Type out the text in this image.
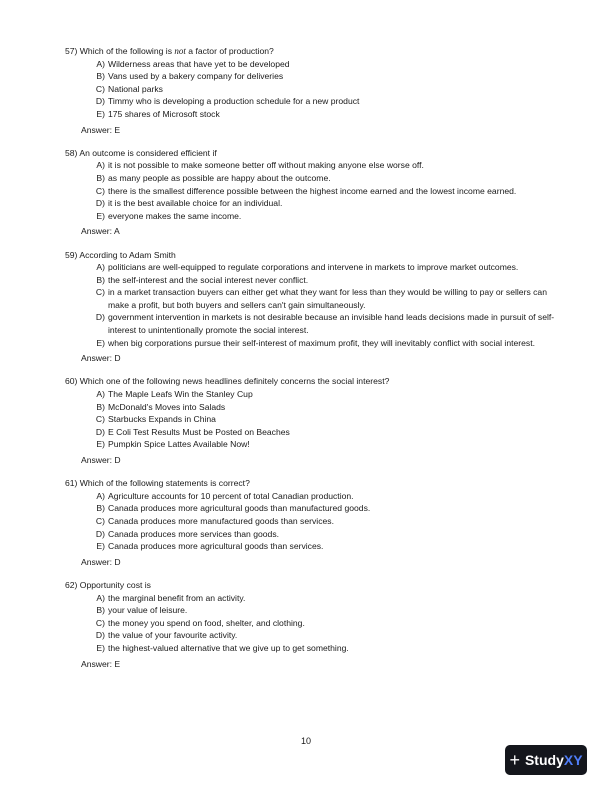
57) Which of the following is not a factor of production?
A) Wilderness areas that have yet to be developed
B) Vans used by a bakery company for deliveries
C) National parks
D) Timmy who is developing a production schedule for a new product
E) 175 shares of Microsoft stock
Answer: E
58) An outcome is considered efficient if
A) it is not possible to make someone better off without making anyone else worse off.
B) as many people as possible are happy about the outcome.
C) there is the smallest difference possible between the highest income earned and the lowest income earned.
D) it is the best available choice for an individual.
E) everyone makes the same income.
Answer: A
59) According to Adam Smith
A) politicians are well-equipped to regulate corporations and intervene in markets to improve market outcomes.
B) the self-interest and the social interest never conflict.
C) in a market transaction buyers can either get what they want for less than they would be willing to pay or sellers can make a profit, but both buyers and sellers can't gain simultaneously.
D) government intervention in markets is not desirable because an invisible hand leads decisions made in pursuit of self-interest to unintentionally promote the social interest.
E) when big corporations pursue their self-interest of maximum profit, they will inevitably conflict with social interest.
Answer: D
60) Which one of the following news headlines definitely concerns the social interest?
A) The Maple Leafs Win the Stanley Cup
B) McDonald's Moves into Salads
C) Starbucks Expands in China
D) E Coli Test Results Must be Posted on Beaches
E) Pumpkin Spice Lattes Available Now!
Answer: D
61) Which of the following statements is correct?
A) Agriculture accounts for 10 percent of total Canadian production.
B) Canada produces more agricultural goods than manufactured goods.
C) Canada produces more manufactured goods than services.
D) Canada produces more services than goods.
E) Canada produces more agricultural goods than services.
Answer: D
62) Opportunity cost is
A) the marginal benefit from an activity.
B) your value of leisure.
C) the money you spend on food, shelter, and clothing.
D) the value of your favourite activity.
E) the highest-valued alternative that we give up to get something.
Answer: E
10
+ Study XY
